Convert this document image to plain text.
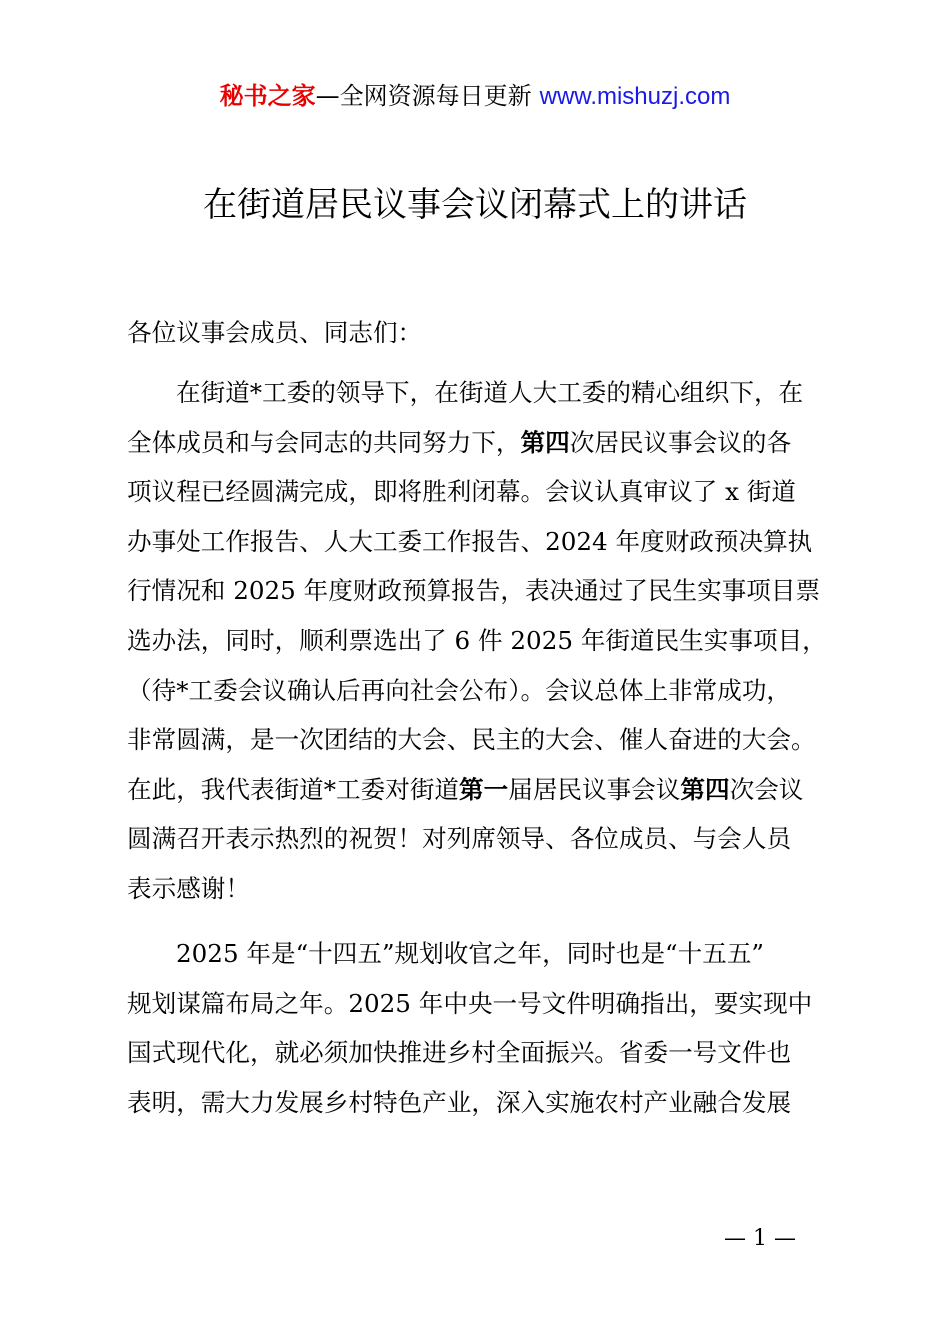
秘书之家—全网资源每日更新 www.mishuzj.com
在街道居民议事会议闭幕式上的讲话

各位议事会成员、同志们：

在街道*工委的领导下，在街道人大工委的精心组织下，在
全体成员和与会同志的共同努力下，第四次居民议事会议的各
项议程已经圆满完成，即将胜利闭幕。会议认真审议了 x 街道
办事处工作报告、人大工委工作报告、2024 年度财政预决算执
行情况和 2025 年度财政预算报告，表决通过了民生实事项目票
选办法，同时，顺利票选出了 6 件 2025 年街道民生实事项目，
（待*工委会议确认后再向社会公布）。会议总体上非常成功，
非常圆满，是一次团结的大会、民主的大会、催人奋进的大会。
在此，我代表街道*工委对街道第一届居民议事会议第四次会议
圆满召开表示热烈的祝贺！对列席领导、各位成员、与会人员
表示感谢！
2025 年是“十四五”规划收官之年，同时也是“十五五”
规划谋篇布局之年。2025 年中央一号文件明确指出，要实现中
国式现代化，就必须加快推进乡村全面振兴。省委一号文件也
表明，需大力发展乡村特色产业，深入实施农村产业融合发展
— 1 —
